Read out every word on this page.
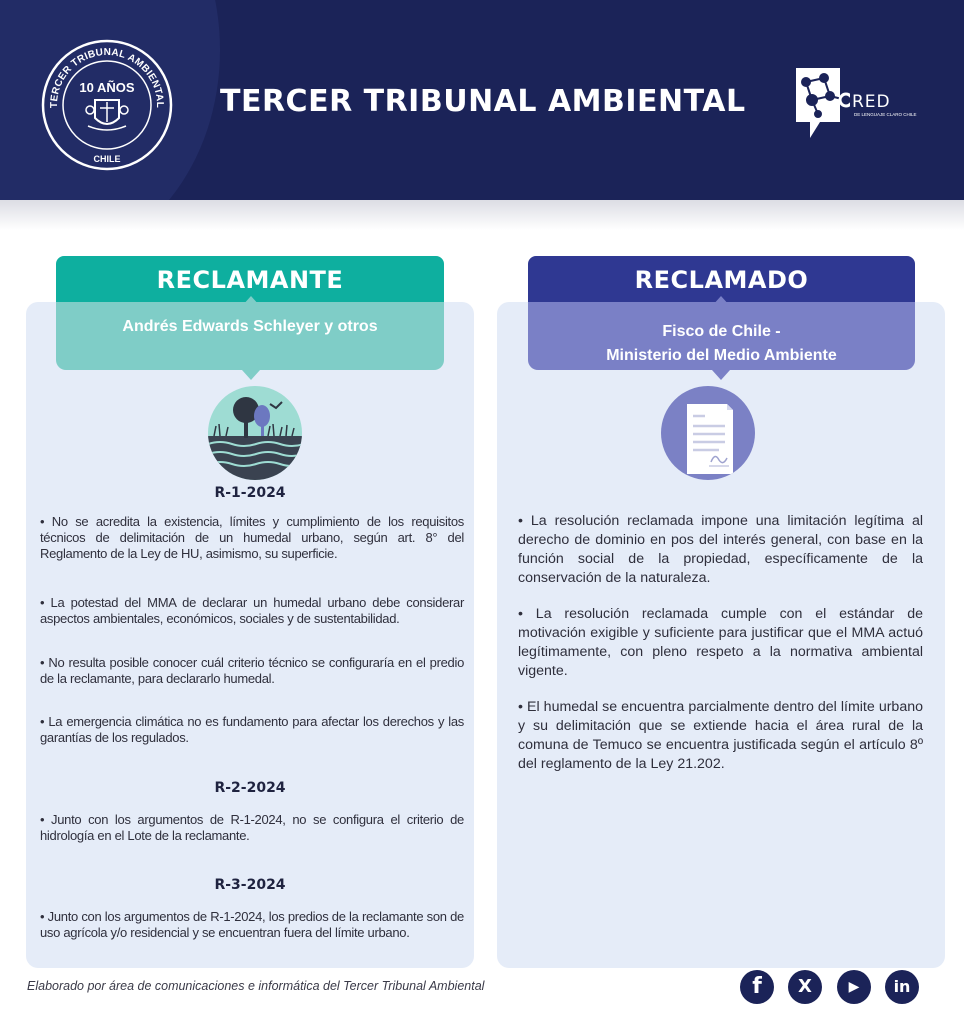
TERCER TRIBUNAL AMBIENTAL
CHILE
10 AÑOS	TERCER TRIBUNAL AMBIENTAL	RED
DE LENGUAJE CLARO CHILE
RECLAMANTE	RECLAMADO
Andrés Edwards Schleyer y otros	Fisco de Chile -
Ministerio del Medio Ambiente
R-1-2024
• No se acredita la existencia, límites y cumplimiento de los requisitos técnicos de delimitación de un humedal urbano, según art. 8° del Reglamento de la Ley de HU, asimismo, su superficie.
• La potestad del MMA de declarar un humedal urbano debe considerar aspectos ambientales, económicos, sociales y de sustentabilidad.
• No resulta posible conocer cuál criterio técnico se configuraría en el predio de la reclamante, para declararlo humedal.
• La emergencia climática no es fundamento para afectar los derechos y las garantías de los regulados.
R-2-2024
• Junto con los argumentos de R-1-2024, no se configura el criterio de hidrología en el Lote de la reclamante.
R-3-2024
• Junto con los argumentos de R-1-2024, los predios de la reclamante son de uso agrícola y/o residencial y se encuentran fuera del límite urbano.
• La resolución reclamada impone una limitación legítima al derecho de dominio en pos del interés general, con base en la función social de la propiedad, específicamente de la conservación de la naturaleza.
• La resolución reclamada cumple con el estándar de motivación exigible y suficiente para justificar que el MMA actuó legítimamente, con pleno respeto a la normativa ambiental vigente.
• El humedal se encuentra parcialmente dentro del límite urbano y su delimitación que se extiende hacia el área rural de la comuna de Temuco se encuentra justificada según el artículo 8º del reglamento de la Ley 21.202.
Elaborado por área de comunicaciones e informática del Tercer Tribunal Ambiental	f	X	▶	in
